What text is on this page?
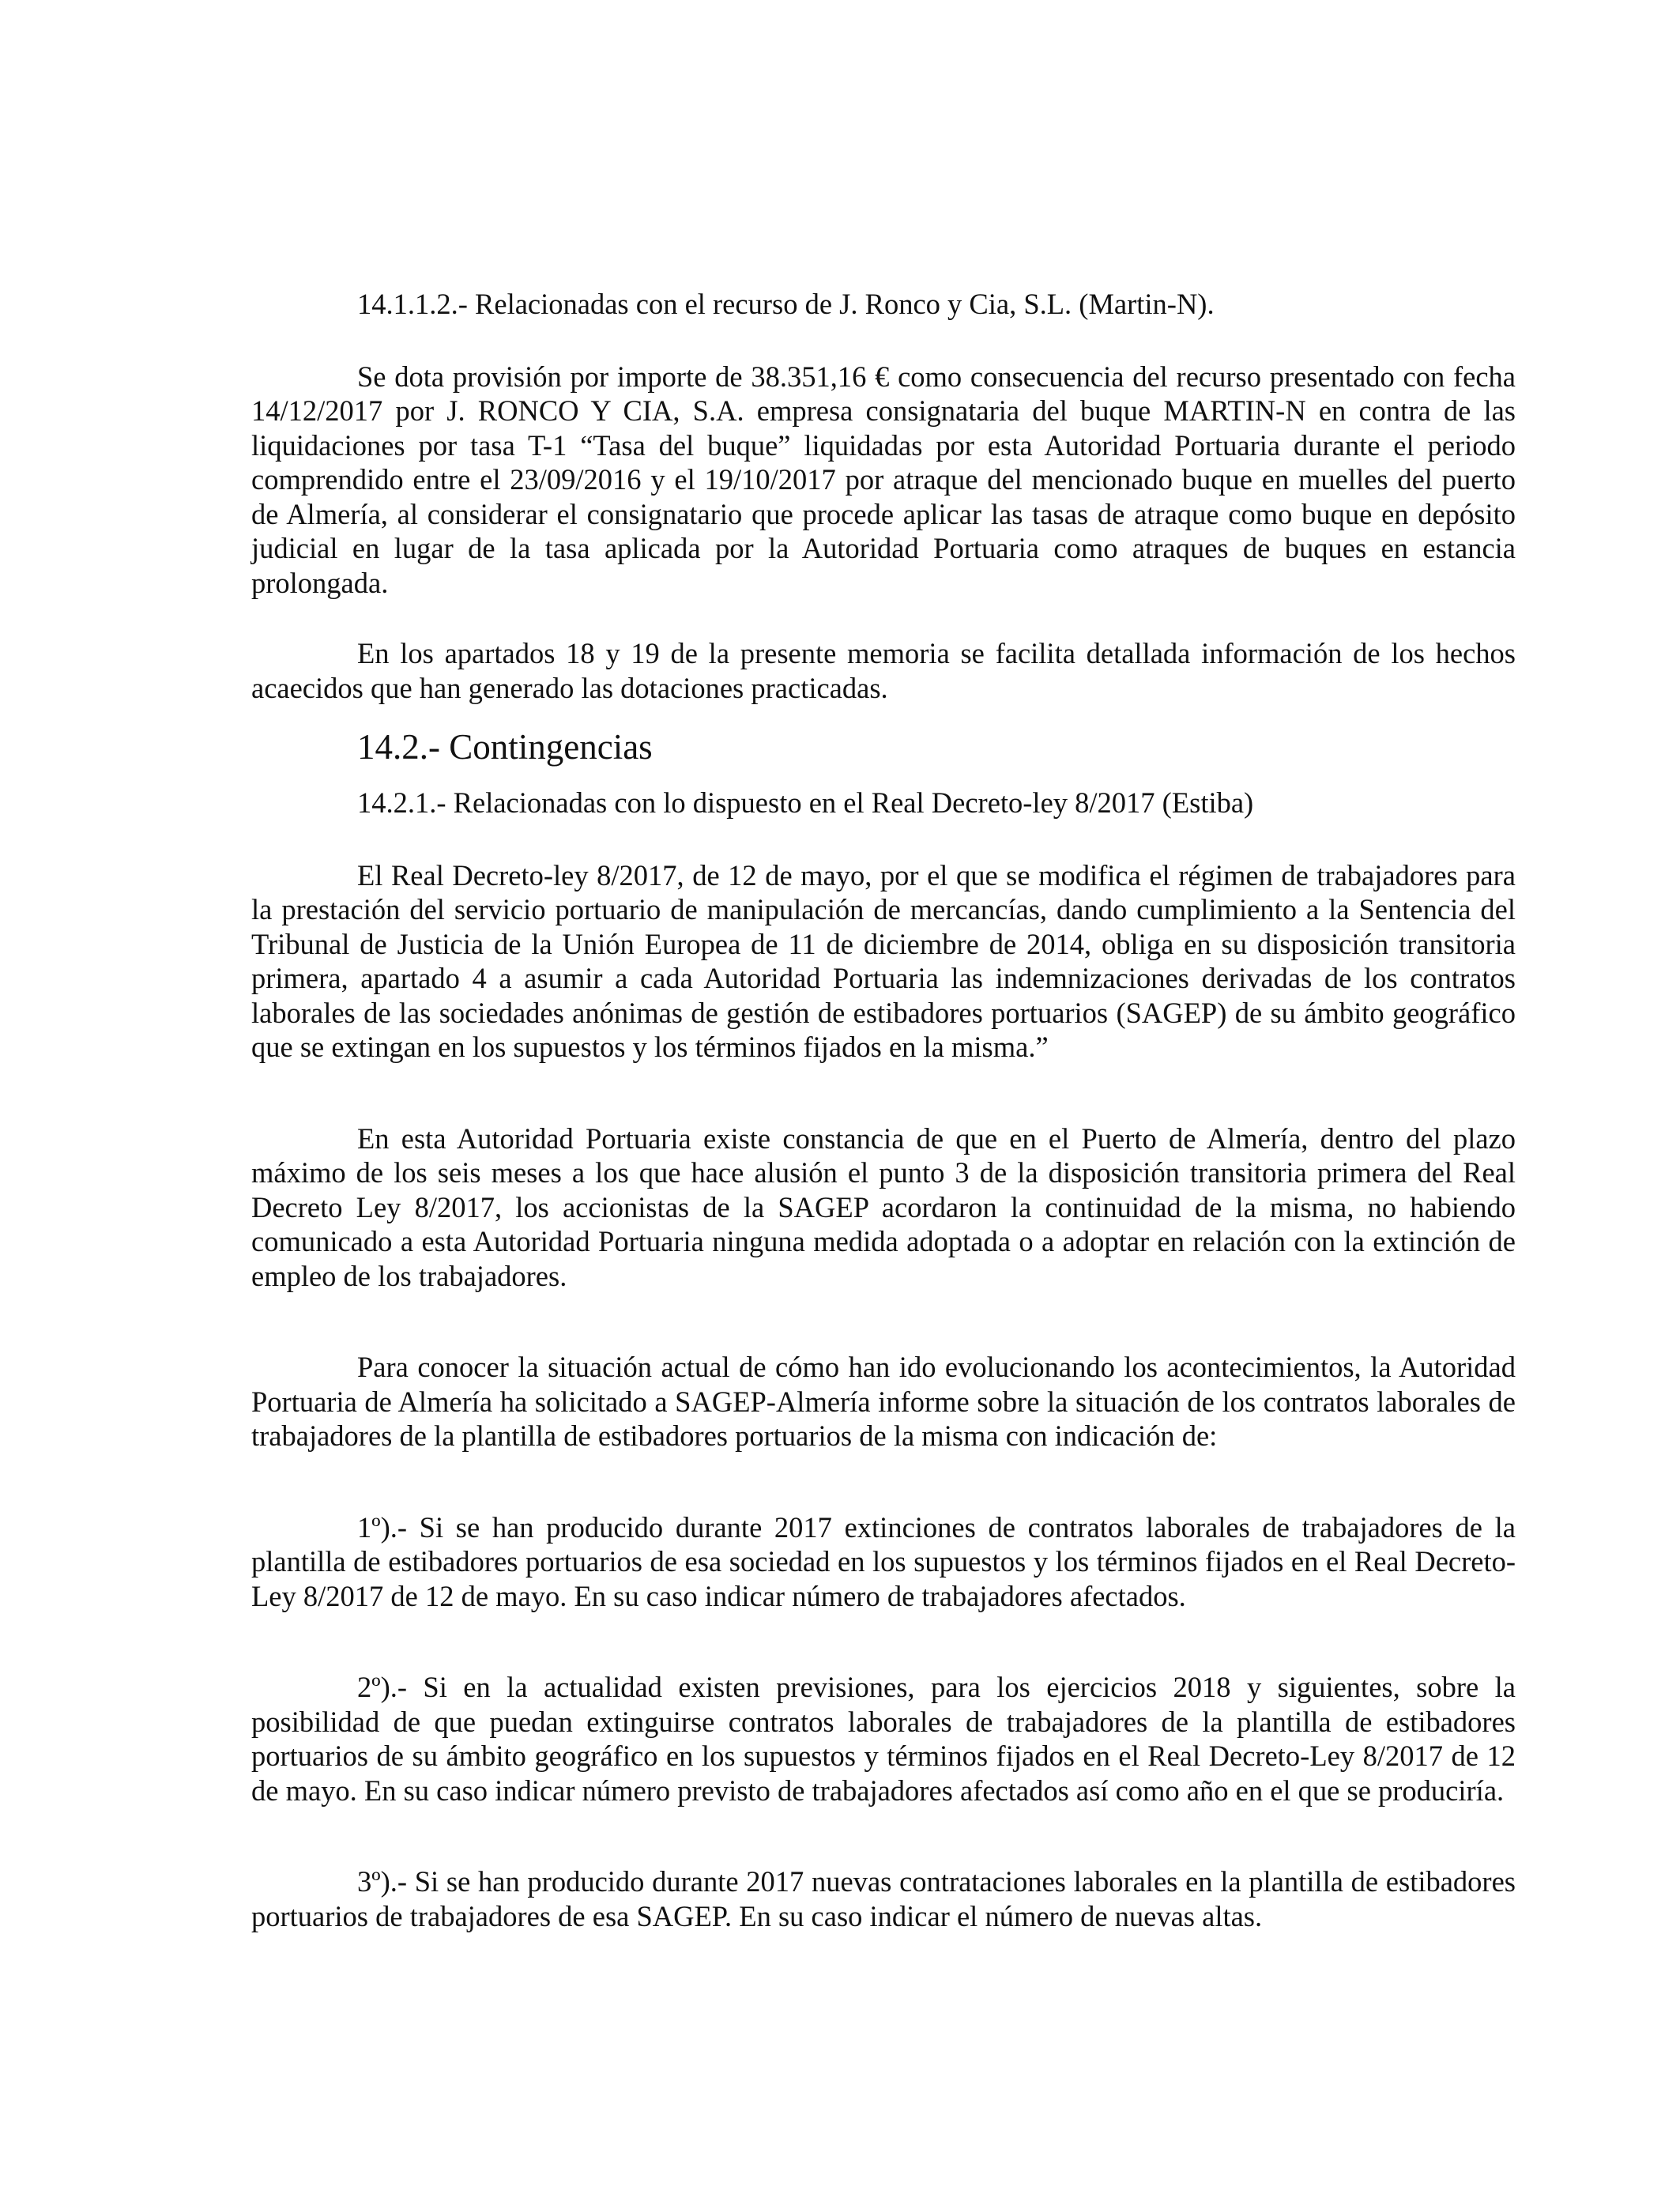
14.1.1.2.- Relacionadas con el recurso de J. Ronco y Cia, S.L. (Martin-N).

Se dota provisión por importe de 38.351,16 € como consecuencia del recurso presentado con fecha 14/12/2017 por J. RONCO Y CIA, S.A. empresa consignataria del buque MARTIN-N en contra de las liquidaciones por tasa T-1 “Tasa del buque” liquidadas por esta Autoridad Portuaria durante el periodo comprendido entre el 23/09/2016 y el 19/10/2017 por atraque del mencionado buque en muelles del puerto de Almería, al considerar el consignatario que procede aplicar las tasas de atraque como buque en depósito judicial en lugar de la tasa aplicada por la Autoridad Portuaria como atraques de buques en estancia prolongada.

En los apartados 18 y 19 de la presente memoria se facilita detallada información de los hechos acaecidos que han generado las dotaciones practicadas.

14.2.- Contingencias

14.2.1.- Relacionadas con lo dispuesto en el Real Decreto-ley 8/2017 (Estiba)

El Real Decreto-ley 8/2017, de 12 de mayo, por el que se modifica el régimen de trabajadores para la prestación del servicio portuario de manipulación de mercancías, dando cumplimiento a la Sentencia del Tribunal de Justicia de la Unión Europea de 11 de diciembre de 2014, obliga en su disposición transitoria primera, apartado 4 a asumir a cada Autoridad Portuaria las indemnizaciones derivadas de los contratos laborales de las sociedades anónimas de gestión de estibadores portuarios (SAGEP) de su ámbito geográfico que se extingan en los supuestos y los términos fijados en la misma.”

En esta Autoridad Portuaria existe constancia de que en el Puerto de Almería, dentro del plazo máximo de los seis meses a los que hace alusión el punto 3 de la disposición transitoria primera del Real Decreto Ley 8/2017, los accionistas de la SAGEP acordaron la continuidad de la misma, no habiendo comunicado a esta Autoridad Portuaria ninguna medida adoptada o a adoptar en relación con la extinción de empleo de los trabajadores.

Para conocer la situación actual de cómo han ido evolucionando los acontecimientos, la Autoridad Portuaria de Almería ha solicitado a SAGEP-Almería informe sobre la situación de los contratos laborales de trabajadores de la plantilla de estibadores portuarios de la misma con indicación de:

1º).- Si se han producido durante 2017 extinciones de contratos laborales de trabajadores de la plantilla de estibadores portuarios de esa sociedad en los supuestos y los términos fijados en el Real Decreto-Ley 8/2017 de 12 de mayo. En su caso indicar número de trabajadores afectados.

2º).- Si en la actualidad existen previsiones, para los ejercicios 2018 y siguientes, sobre la posibilidad de que puedan extinguirse contratos laborales de trabajadores de la plantilla de estibadores portuarios de su ámbito geográfico en los supuestos y términos fijados en el Real Decreto-Ley 8/2017 de 12 de mayo. En su caso indicar número previsto de trabajadores afectados así como año en el que se produciría.

3º).- Si se han producido durante 2017 nuevas contrataciones laborales en la plantilla de estibadores portuarios de trabajadores de esa SAGEP. En su caso indicar el número de nuevas altas.
